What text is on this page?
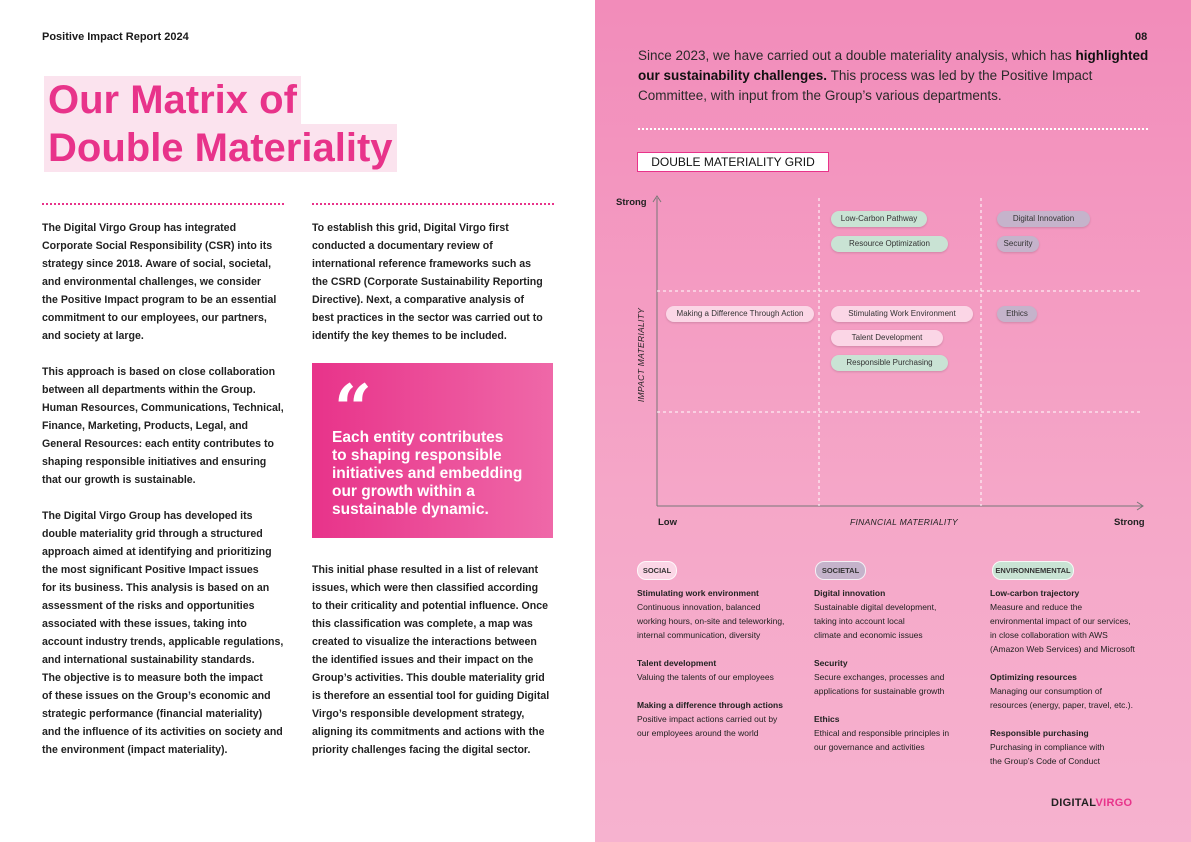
Positive Impact Report 2024
Our Matrix of
Double Materiality

The Digital Virgo Group has integrated
Corporate Social Responsibility (CSR) into its
strategy since 2018. Aware of social, societal,
and environmental challenges, we consider
the Positive Impact program to be an essential
commitment to our employees, our partners,
and society at large.

This approach is based on close collaboration
between all departments within the Group.
Human Resources, Communications, Technical,
Finance, Marketing, Products, Legal, and
General Resources: each entity contributes to
shaping responsible initiatives and ensuring
that our growth is sustainable.

The Digital Virgo Group has developed its
double materiality grid through a structured
approach aimed at identifying and prioritizing
the most significant Positive Impact issues
for its business. This analysis is based on an
assessment of the risks and opportunities
associated with these issues, taking into
account industry trends, applicable regulations,
and international sustainability standards.
The objective is to measure both the impact
of these issues on the Group’s economic and
strategic performance (financial materiality)
and the influence of its activities on society and
the environment (impact materiality).

To establish this grid, Digital Virgo first
conducted a documentary review of
international reference frameworks such as
the CSRD (Corporate Sustainability Reporting
Directive). Next, a comparative analysis of
best practices in the sector was carried out to
identify the key themes to be included.

“
Each entity contributes
to shaping responsible
initiatives and embedding
our growth within a
sustainable dynamic.

This initial phase resulted in a list of relevant
issues, which were then classified according
to their criticality and potential influence. Once
this classification was complete, a map was
created to visualize the interactions between
the identified issues and their impact on the
Group’s activities. This double materiality grid
is therefore an essential tool for guiding Digital
Virgo’s responsible development strategy,
aligning its commitments and actions with the
priority challenges facing the digital sector.

08
Since 2023, we have carried out a double materiality analysis, which has highlighted our sustainability challenges. This process was led by the Positive Impact Committee, with input from the Group’s various departments.
DOUBLE MATERIALITY GRID
Strong
Low	Strong
FINANCIAL MATERIALITY
IMPACT MATERIALITY
Low-Carbon Pathway
Resource Optimization
Digital Innovation
Security
Making a Difference Through Action	Stimulating Work Environment	Ethics
Talent Development
Responsible Purchasing
SOCIAL	SOCIETAL	ENVIRONNEMENTAL
Stimulating work environment
Continuous innovation, balanced
working hours, on-site and teleworking,
internal communication, diversity
Talent development
Valuing the talents of our employees
Making a difference through actions
Positive impact actions carried out by
our employees around the world
Digital innovation
Sustainable digital development,
taking into account local
climate and economic issues
Security
Secure exchanges, processes and
applications for sustainable growth
Ethics
Ethical and responsible principles in
our governance and activities
Low-carbon trajectory
Measure and reduce the
environmental impact of our services,
in close collaboration with AWS
(Amazon Web Services) and Microsoft
Optimizing resources
Managing our consumption of
resources (energy, paper, travel, etc.).
Responsible purchasing
Purchasing in compliance with
the Group’s Code of Conduct
DIGITALVIRGO
